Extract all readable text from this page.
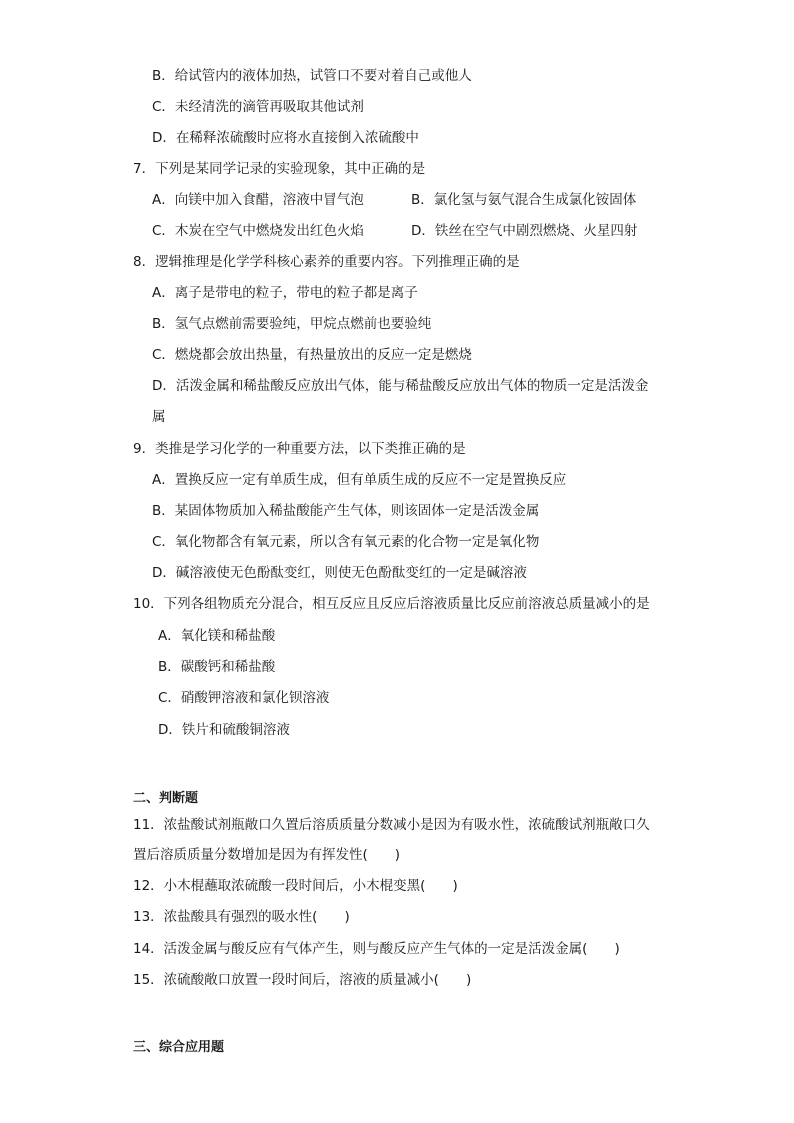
B．给试管内的液体加热，试管口不要对着自己或他人
C．未经清洗的滴管再吸取其他试剂
D．在稀释浓硫酸时应将水直接倒入浓硫酸中
7．下列是某同学记录的实验现象，其中正确的是
A．向镁中加入食醋，溶液中冒气泡	B．氯化氢与氨气混合生成氯化铵固体
C．木炭在空气中燃烧发出红色火焰	D．铁丝在空气中剧烈燃烧、火星四射
8．逻辑推理是化学学科核心素养的重要内容。下列推理正确的是
A．离子是带电的粒子，带电的粒子都是离子
B．氢气点燃前需要验纯，甲烷点燃前也要验纯
C．燃烧都会放出热量，有热量放出的反应一定是燃烧
D．活泼金属和稀盐酸反应放出气体，能与稀盐酸反应放出气体的物质一定是活泼金
属
9．类推是学习化学的一种重要方法，以下类推正确的是
A．置换反应一定有单质生成，但有单质生成的反应不一定是置换反应
B．某固体物质加入稀盐酸能产生气体，则该固体一定是活泼金属
C．氧化物都含有氧元素，所以含有氧元素的化合物一定是氧化物
D．碱溶液使无色酚酞变红，则使无色酚酞变红的一定是碱溶液
10．下列各组物质充分混合，相互反应且反应后溶液质量比反应前溶液总质量减小的是
A．氧化镁和稀盐酸
B．碳酸钙和稀盐酸
C．硝酸钾溶液和氯化钡溶液
D．铁片和硫酸铜溶液
二、判断题
11．浓盐酸试剂瓶敞口久置后溶质质量分数减小是因为有吸水性，浓硫酸试剂瓶敞口久
置后溶质质量分数增加是因为有挥发性(　　)
12．小木棍蘸取浓硫酸一段时间后，小木棍变黑(　　)
13．浓盐酸具有强烈的吸水性(　　)
14．活泼金属与酸反应有气体产生，则与酸反应产生气体的一定是活泼金属(　　)
15．浓硫酸敞口放置一段时间后，溶液的质量减小(　　)
三、综合应用题
